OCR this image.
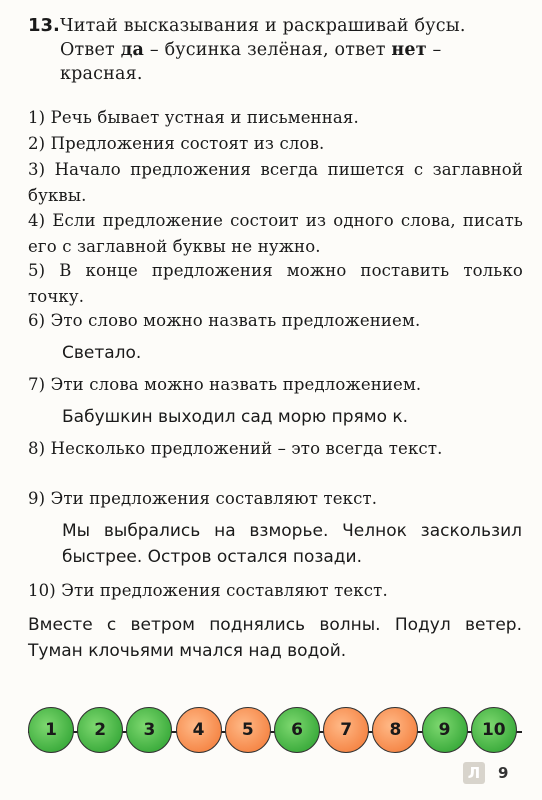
13. Читай высказывания и раскрашивай бусы. Ответ да – бусинка зелёная, ответ нет – красная.
1) Речь бывает устная и письменная.
2) Предложения состоят из слов.
3) Начало предложения всегда пишется с заглавной буквы.
4) Если предложение состоит из одного слова, писать его с заглавной буквы не нужно.
5) В конце предложения можно поставить только точку.
6) Это слово можно назвать предложением.
Светало.
7) Эти слова можно назвать предложением.
Бабушкин выходил сад морю прямо к.
8) Несколько предложений – это всегда текст.
9) Эти предложения составляют текст.
Мы выбрались на взморье. Челнок заскользил быстрее. Остров остался позади.
10) Эти предложения составляют текст.
Вместе с ветром поднялись волны. Подул ветер. Туман клочьями мчался над водой.
1	2	3	4	5	6	7	8	9	10
Л	9
